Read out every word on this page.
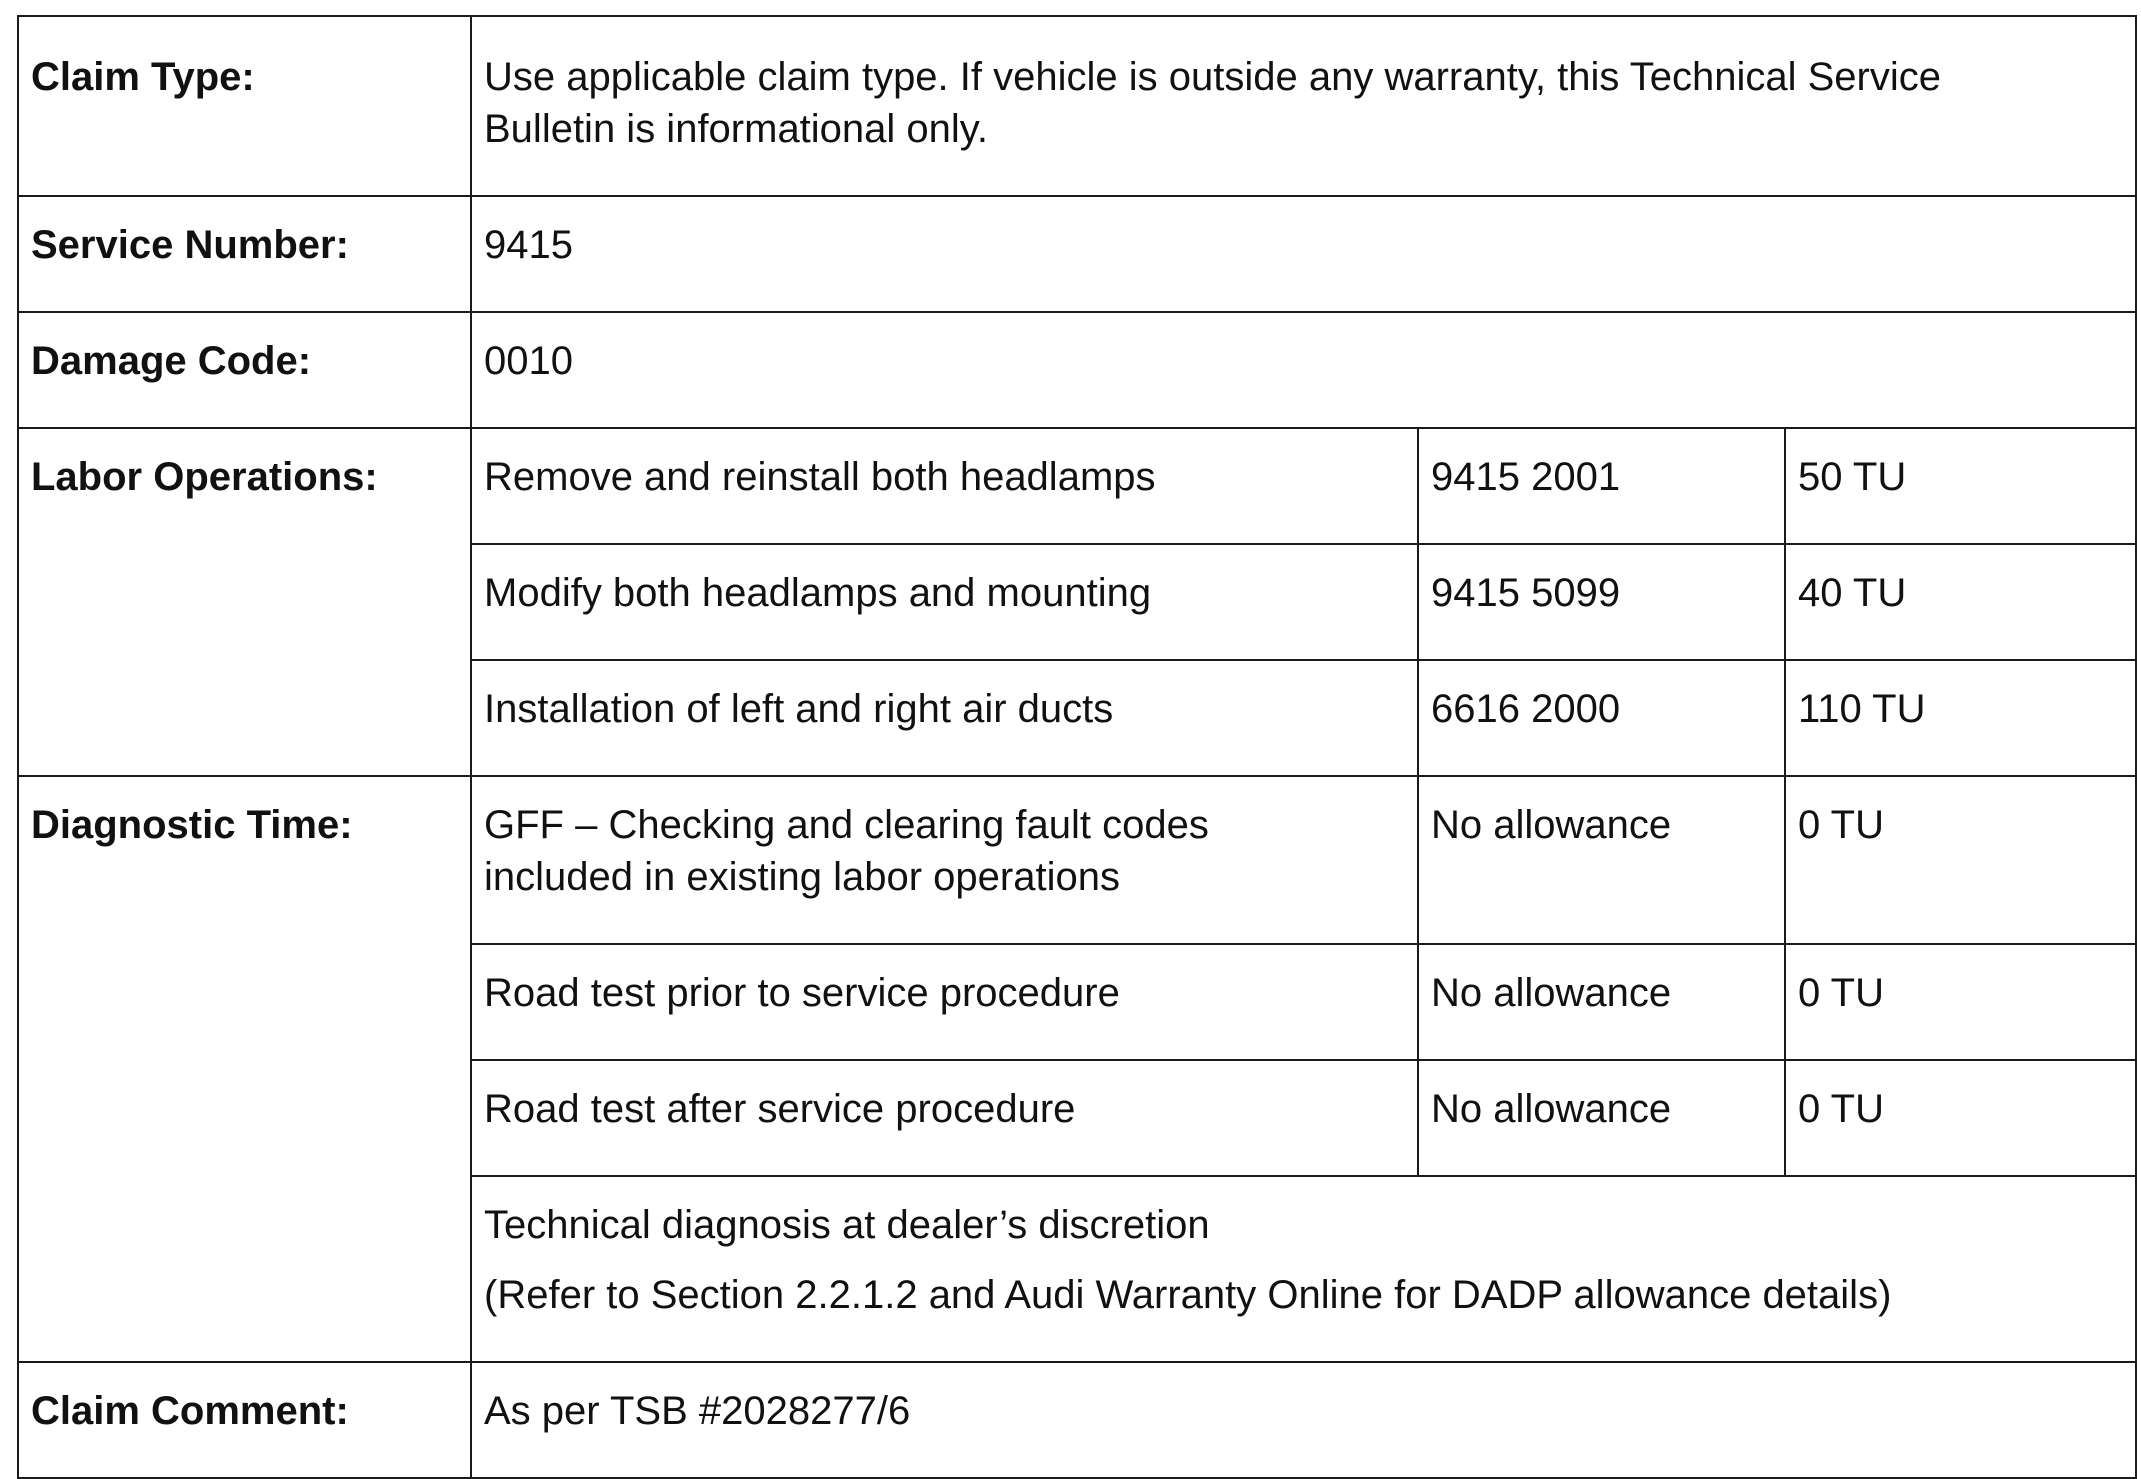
Claim Type:	Use applicable claim type. If vehicle is outside any warranty, this Technical Service
Bulletin is informational only.		

Service Number:	9415		
Damage Code:	0010		
Labor Operations:	Remove and reinstall both headlamps	9415 2001	50 TU
	Modify both headlamps and mounting	9415 5099	40 TU
	Installation of left and right air ducts	6616 2000	110 TU
Diagnostic Time:	GFF – Checking and clearing fault codes
included in existing labor operations	No allowance	0 TU
	Road test prior to service procedure	No allowance	0 TU
	Road test after service procedure	No allowance	0 TU

	Technical diagnosis at dealer’s discretion
(Refer to Section 2.2.1.2 and Audi Warranty Online for DADP allowance details)		

Claim Comment:	As per TSB #2028277/6		
